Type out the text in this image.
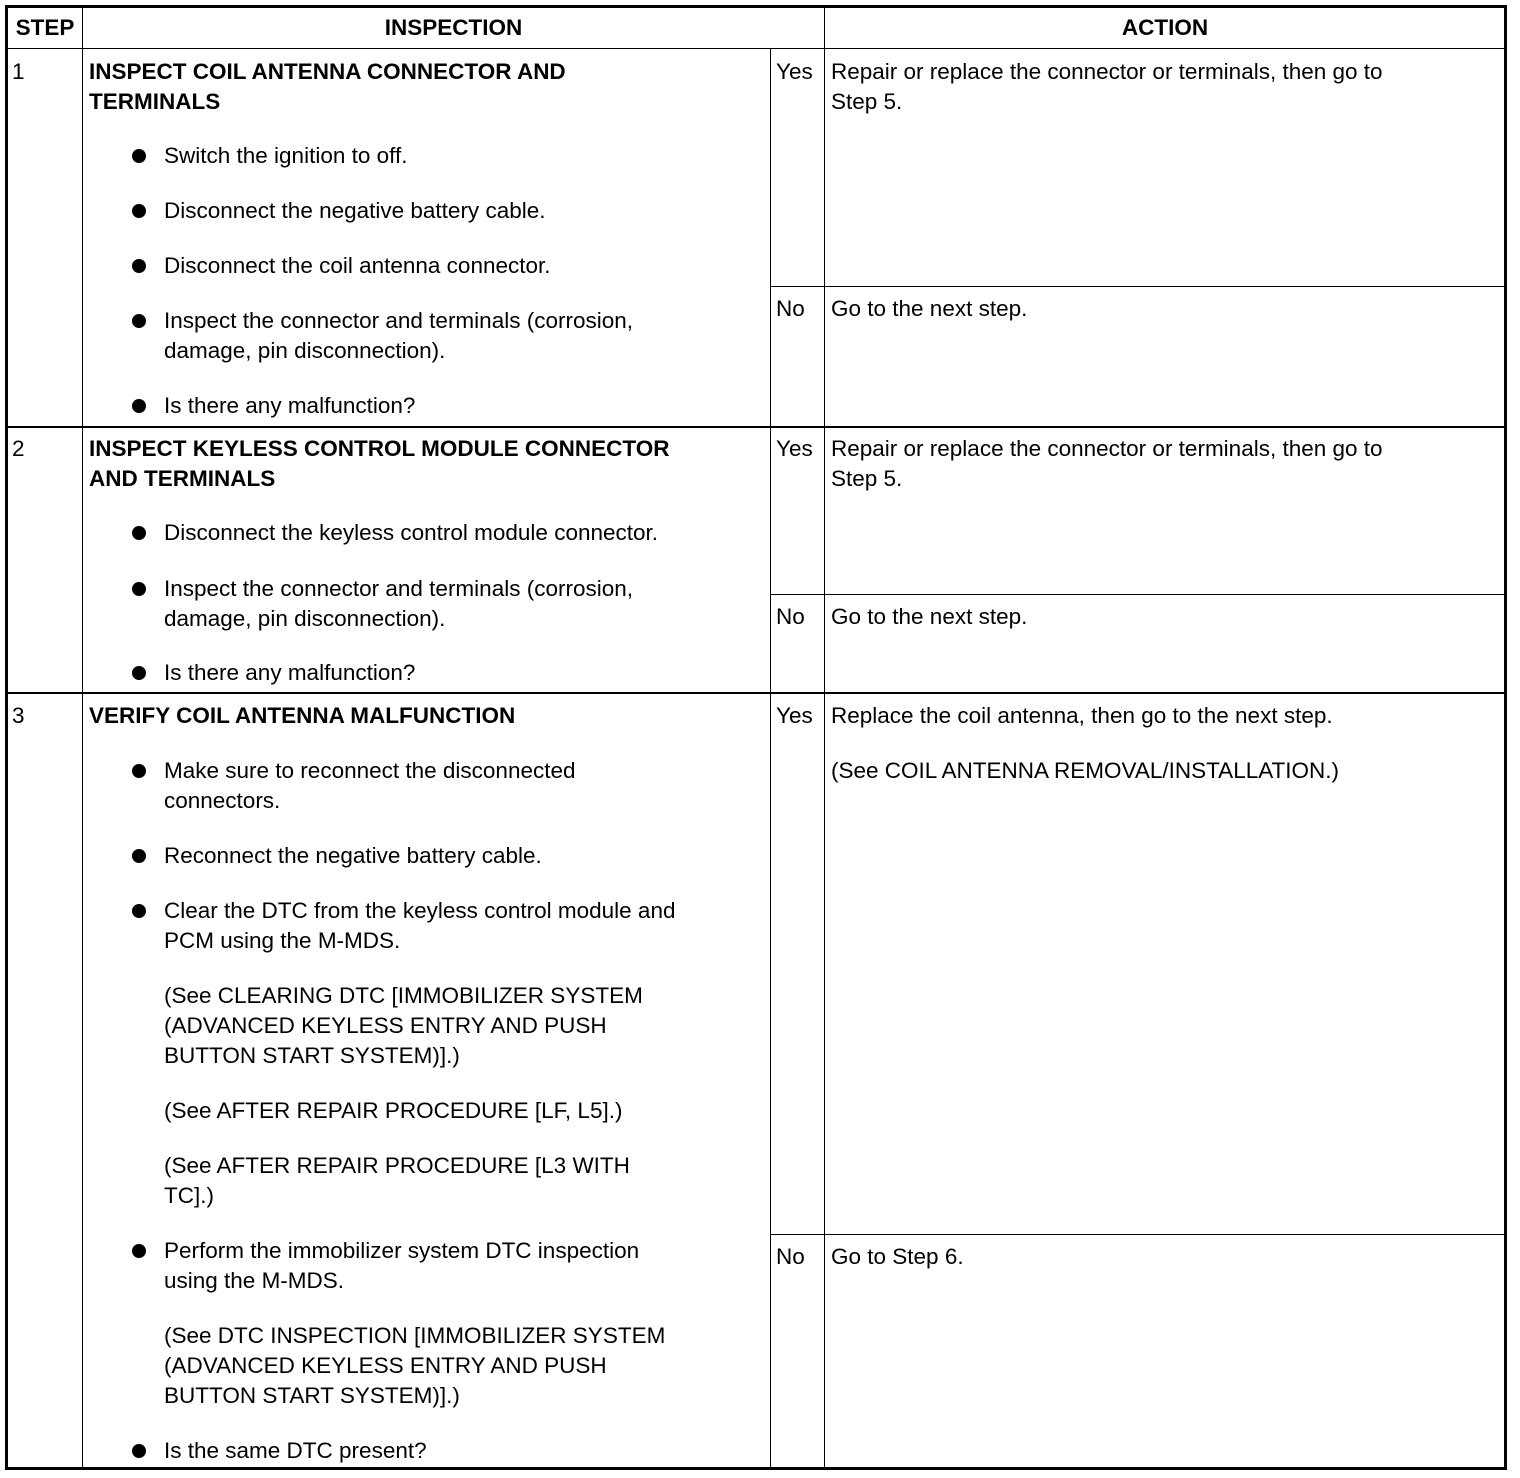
STEP	INSPECTION	ACTION
1	INSPECT COIL ANTENNA CONNECTOR AND
TERMINALS
Switch the ignition to off.
Disconnect the negative battery cable.
Disconnect the coil antenna connector.
Inspect the connector and terminals (corrosion,
damage, pin disconnection).
Is there any malfunction?
Yes Repair or replace the connector or terminals, then go to
Step 5.
No Go to the next step.
2	INSPECT KEYLESS CONTROL MODULE CONNECTOR
AND TERMINALS
Disconnect the keyless control module connector.
Inspect the connector and terminals (corrosion,
damage, pin disconnection).
Is there any malfunction?
Yes Repair or replace the connector or terminals, then go to
Step 5.
No Go to the next step.
3	VERIFY COIL ANTENNA MALFUNCTION
Make sure to reconnect the disconnected
connectors.
Reconnect the negative battery cable.
Clear the DTC from the keyless control module and
PCM using the M-MDS.
(See CLEARING DTC [IMMOBILIZER SYSTEM
(ADVANCED KEYLESS ENTRY AND PUSH
BUTTON START SYSTEM)].)
(See AFTER REPAIR PROCEDURE [LF, L5].)
(See AFTER REPAIR PROCEDURE [L3 WITH
TC].)
Perform the immobilizer system DTC inspection
using the M-MDS.
(See DTC INSPECTION [IMMOBILIZER SYSTEM
(ADVANCED KEYLESS ENTRY AND PUSH
BUTTON START SYSTEM)].)
Is the same DTC present?
Yes Replace the coil antenna, then go to the next step.
(See COIL ANTENNA REMOVAL/INSTALLATION.)
No Go to Step 6.
